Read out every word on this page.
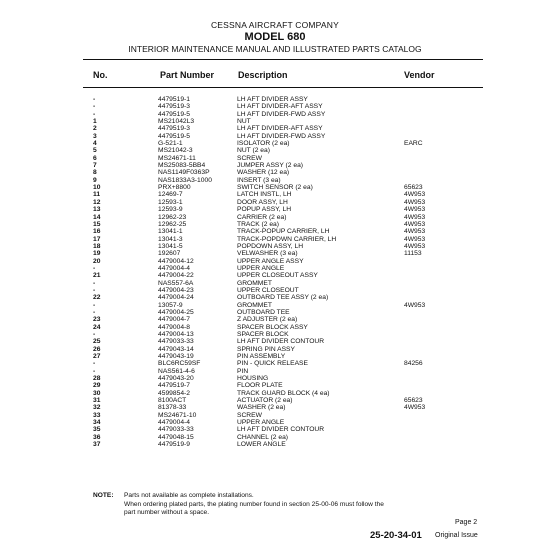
CESSNA AIRCRAFT COMPANY
MODEL 680
INTERIOR MAINTENANCE MANUAL AND ILLUSTRATED PARTS CATALOG
No.	Part Number	Description	Vendor
-	4479519-1	LH AFT DIVIDER ASSY
-	4479519-3	LH AFT DIVIDER-AFT ASSY
-	4479519-5	LH AFT DIVIDER-FWD ASSY
1	MS21042L3	NUT
2	4479519-3	LH AFT DIVIDER-AFT ASSY
3	4479519-5	LH AFT DIVIDER-FWD ASSY
4	G-521-1	ISOLATOR (2 ea)	EARC
5	MS21042-3	NUT (2 ea)
6	MS24671-11	SCREW
7	MS25083-5BB4	JUMPER ASSY (2 ea)
8	NAS1149F0363P	WASHER (12 ea)
9	NAS1833A3-1000	INSERT (3 ea)
10	PRX+8800	SWITCH SENSOR (2 ea)	65623
11	12469-7	LATCH INSTL, LH	4W953
12	12593-1	DOOR ASSY, LH	4W953
13	12593-9	POPUP ASSY, LH	4W953
14	12962-23	CARRIER (2 ea)	4W953
15	12962-25	TRACK (2 ea)	4W953
16	13041-1	TRACK-POPUP CARRIER, LH	4W953
17	13041-3	TRACK-POPDWN CARRIER, LH	4W953
18	13041-5	POPDOWN ASSY, LH	4W953
19	192607	VELWASHER (3 ea)	11153
20	4479004-12	UPPER ANGLE ASSY
-	4479004-4	UPPER ANGLE
21	4479004-22	UPPER CLOSEOUT ASSY
-	NAS557-6A	GROMMET
-	4479004-23	UPPER CLOSEOUT
22	4479004-24	OUTBOARD TEE ASSY (2 ea)
-	13057-9	GROMMET	4W953
-	4479004-25	OUTBOARD TEE
23	4479004-7	Z ADJUSTER (2 ea)
24	4479004-8	SPACER BLOCK ASSY
-	4479004-13	SPACER BLOCK
25	4479033-33	LH AFT DIVIDER CONTOUR
26	4479043-14	SPRING PIN ASSY
27	4479043-19	PIN ASSEMBLY
-	BLC6RC59SF	PIN - QUICK RELEASE	84256
-	NAS561-4-6	PIN
28	4479043-20	HOUSING
29	4479519-7	FLOOR PLATE
30	4599854-2	TRACK GUARD BLOCK (4 ea)
31	8100ACT	ACTUATOR (2 ea)	65623
32	81378-33	WASHER (2 ea)	4W953
33	MS24671-10	SCREW
34	4479004-4	UPPER ANGLE
35	4479033-33	LH AFT DIVIDER CONTOUR
36	4479048-15	CHANNEL (2 ea)
37	4479519-9	LOWER ANGLE
NOTE: Parts not available as complete installations.
When ordering plated parts, the plating number found in section 25-00-06 must follow the
part number without a space.
Page 2
25-20-34-01 Original Issue
